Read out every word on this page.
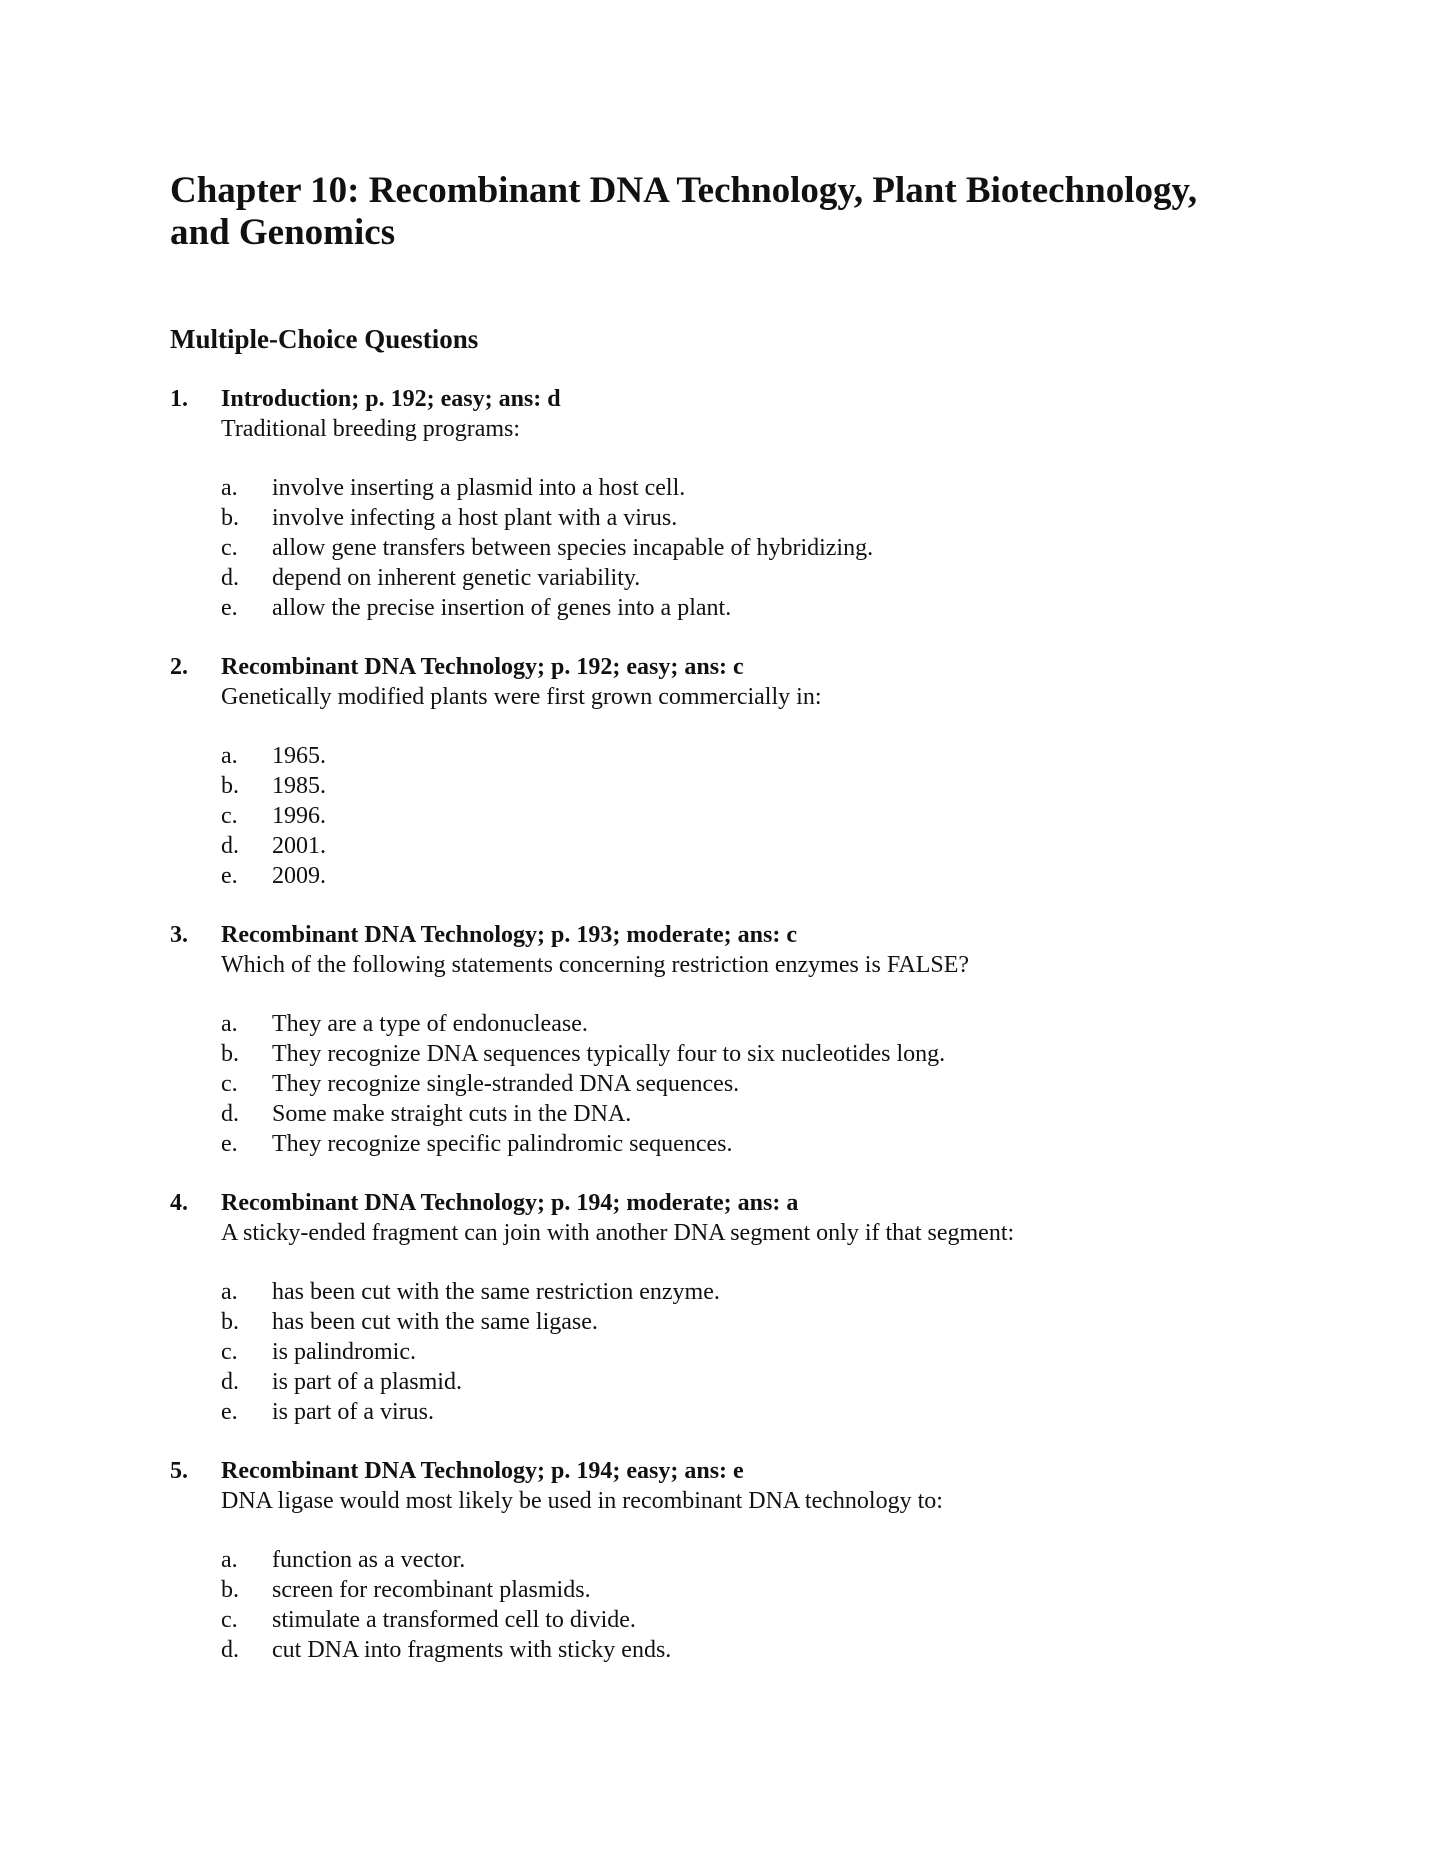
Chapter 10: Recombinant DNA Technology, Plant Biotechnology, and Genomics
Multiple-Choice Questions
1. Introduction; p. 192; easy; ans: d
Traditional breeding programs:
a. involve inserting a plasmid into a host cell.
b. involve infecting a host plant with a virus.
c. allow gene transfers between species incapable of hybridizing.
d. depend on inherent genetic variability.
e. allow the precise insertion of genes into a plant.
2. Recombinant DNA Technology; p. 192; easy; ans: c
Genetically modified plants were first grown commercially in:
a. 1965.
b. 1985.
c. 1996.
d. 2001.
e. 2009.
3. Recombinant DNA Technology; p. 193; moderate; ans: c
Which of the following statements concerning restriction enzymes is FALSE?
a. They are a type of endonuclease.
b. They recognize DNA sequences typically four to six nucleotides long.
c. They recognize single-stranded DNA sequences.
d. Some make straight cuts in the DNA.
e. They recognize specific palindromic sequences.
4. Recombinant DNA Technology; p. 194; moderate; ans: a
A sticky-ended fragment can join with another DNA segment only if that segment:
a. has been cut with the same restriction enzyme.
b. has been cut with the same ligase.
c. is palindromic.
d. is part of a plasmid.
e. is part of a virus.
5. Recombinant DNA Technology; p. 194; easy; ans: e
DNA ligase would most likely be used in recombinant DNA technology to:
a. function as a vector.
b. screen for recombinant plasmids.
c. stimulate a transformed cell to divide.
d. cut DNA into fragments with sticky ends.
